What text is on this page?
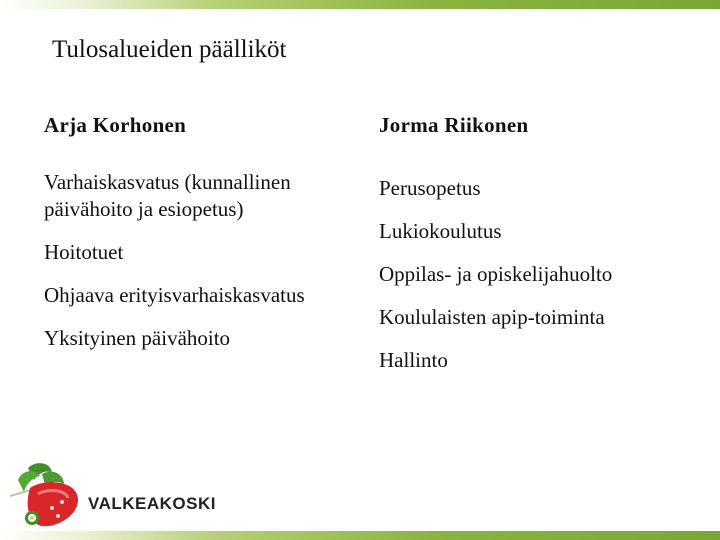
Tulosalueiden päälliköt
Arja Korhonen
Varhaiskasvatus (kunnallinen päivähoito ja esiopetus)
Hoitotuet
Ohjaava erityisvarhaiskasvatus
Yksityinen päivähoito
Jorma Riikonen
Perusopetus
Lukiokoulutus
Oppilas- ja opiskelijahuolto
Koululaisten apip-toiminta
Hallinto
VALKEAKOSKI
